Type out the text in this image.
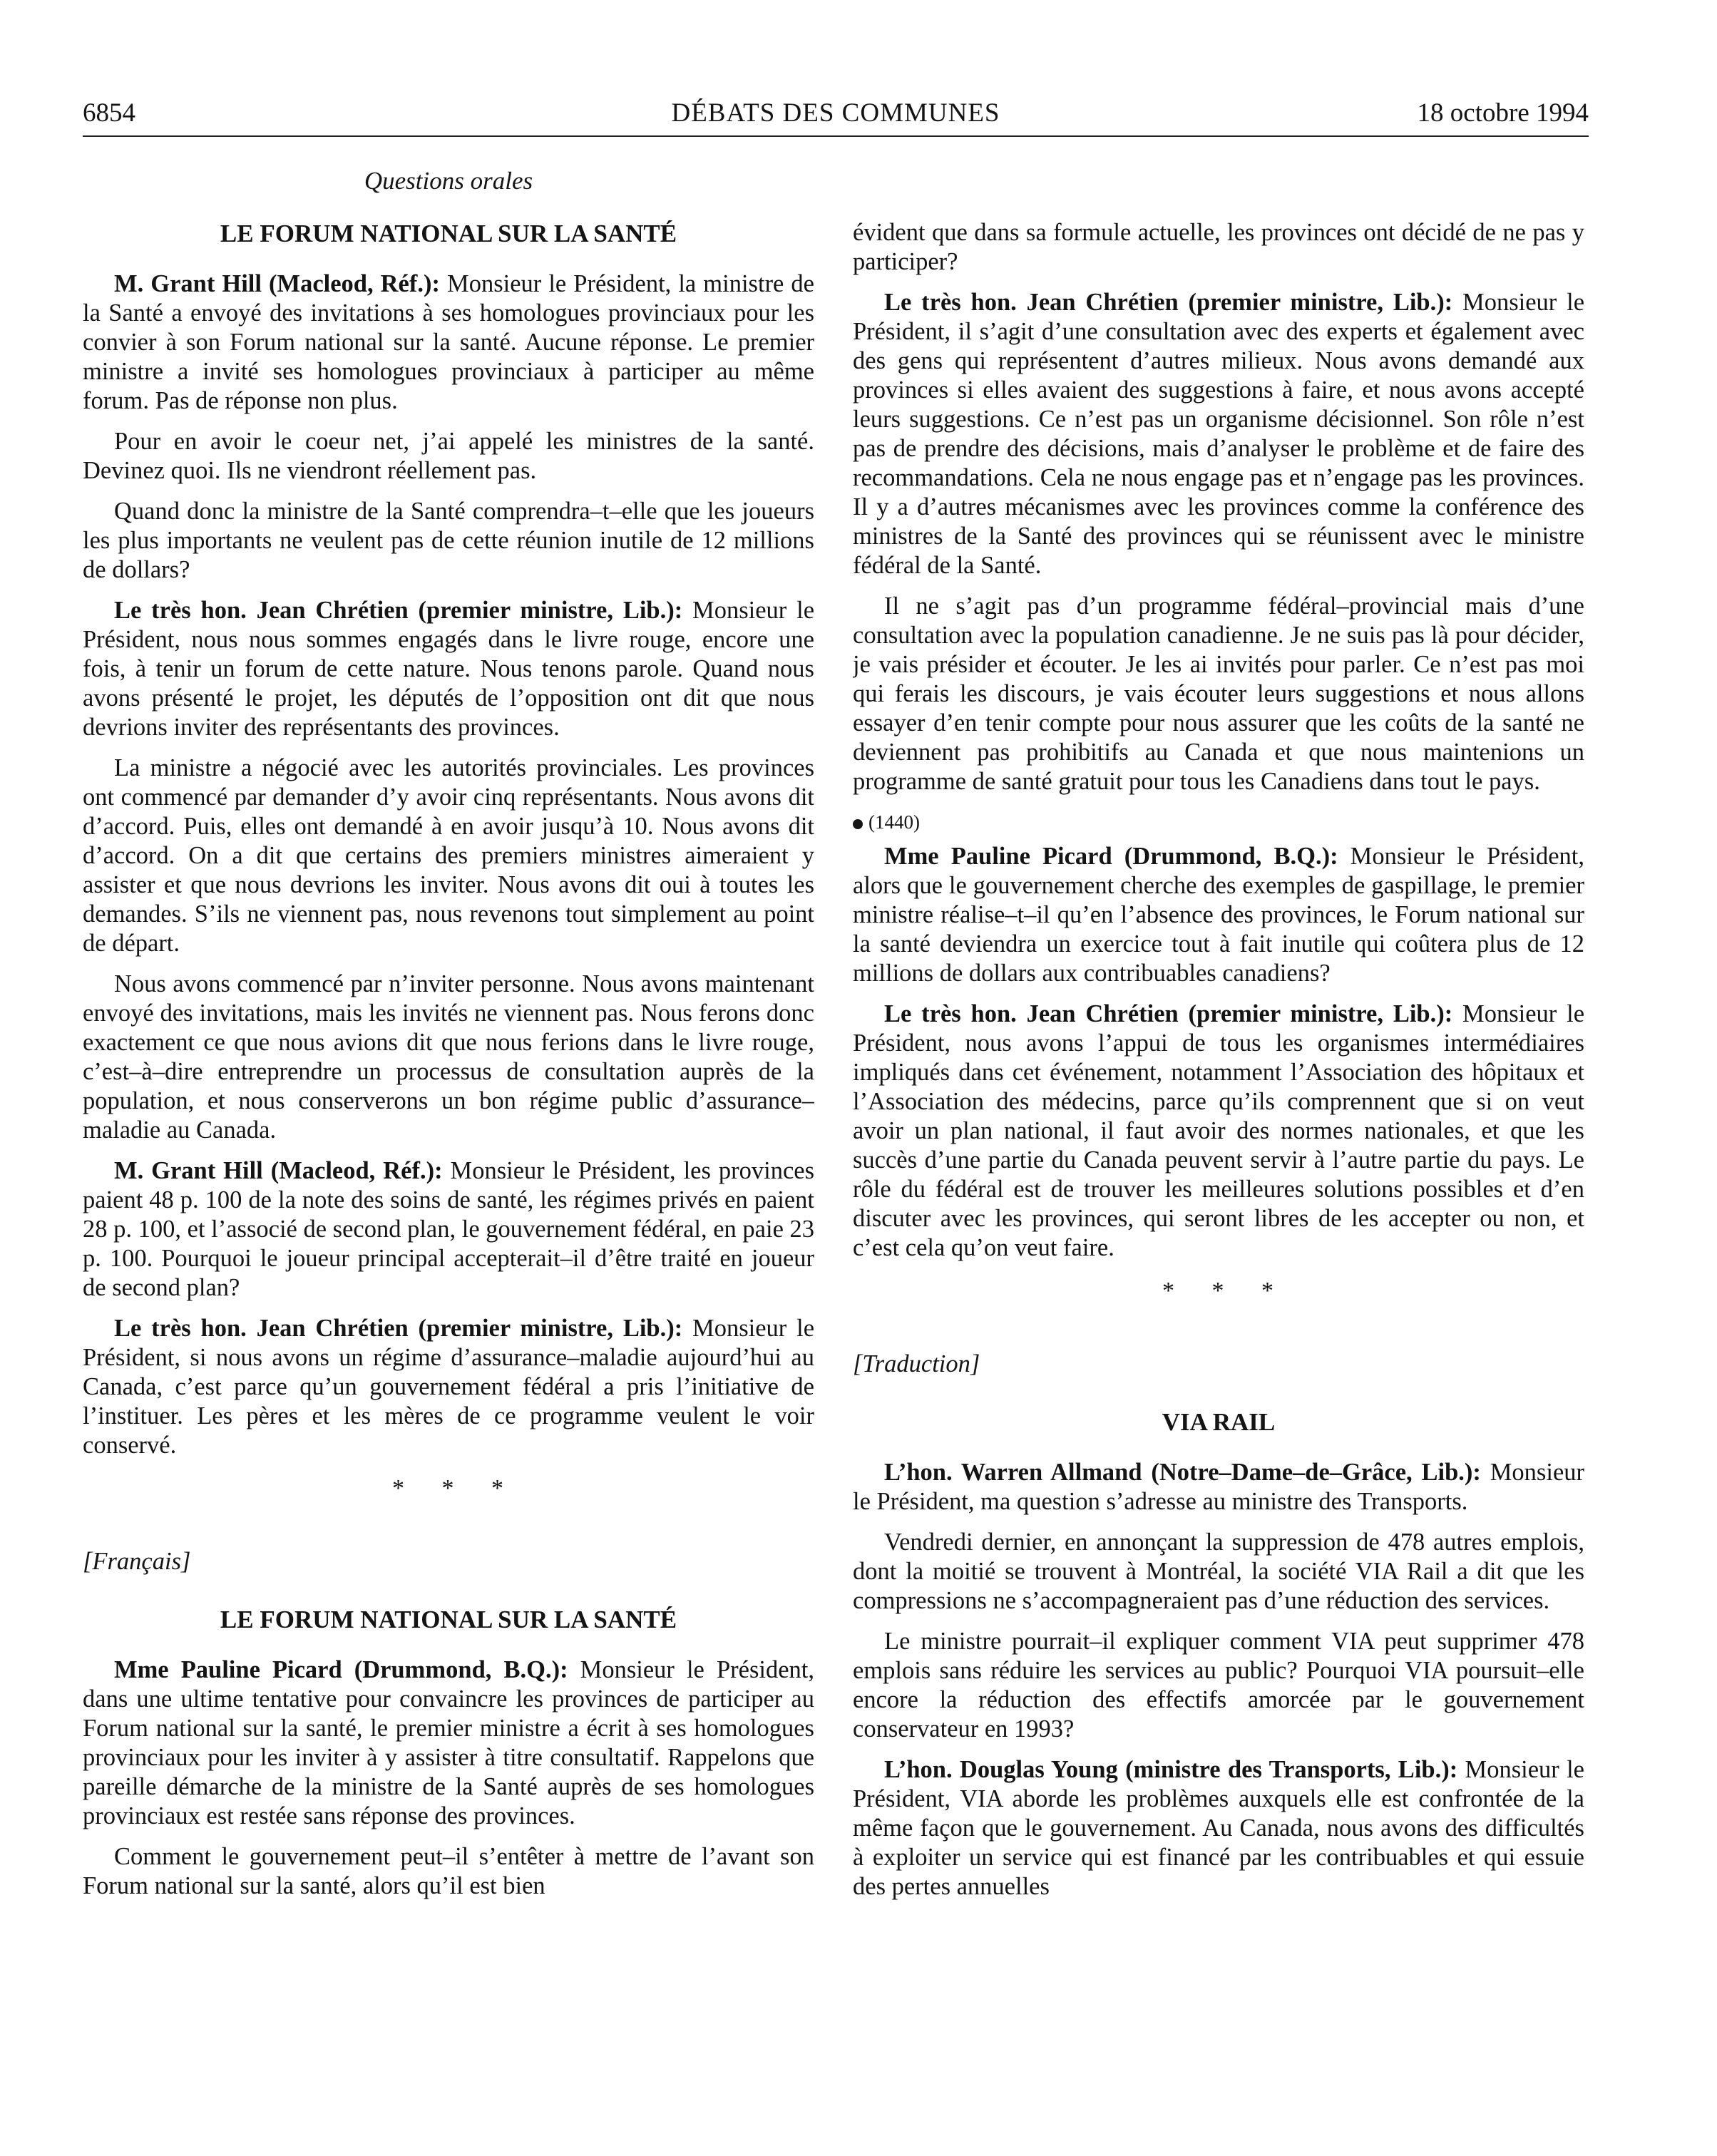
6854	DÉBATS DES COMMUNES	18 octobre 1994
Questions orales
LE FORUM NATIONAL SUR LA SANTÉ

M. Grant Hill (Macleod, Réf.): Monsieur le Président, la ministre de la Santé a envoyé des invitations à ses homologues provinciaux pour les convier à son Forum national sur la santé. Aucune réponse. Le premier ministre a invité ses homologues provinciaux à participer au même forum. Pas de réponse non plus.

Pour en avoir le coeur net, j’ai appelé les ministres de la santé. Devinez quoi. Ils ne viendront réellement pas.

Quand donc la ministre de la Santé comprendra–t–elle que les joueurs les plus importants ne veulent pas de cette réunion inutile de 12 millions de dollars?

Le très hon. Jean Chrétien (premier ministre, Lib.): Monsieur le Président, nous nous sommes engagés dans le livre rouge, encore une fois, à tenir un forum de cette nature. Nous tenons parole. Quand nous avons présenté le projet, les députés de l’opposition ont dit que nous devrions inviter des représentants des provinces.

La ministre a négocié avec les autorités provinciales. Les provinces ont commencé par demander d’y avoir cinq représentants. Nous avons dit d’accord. Puis, elles ont demandé à en avoir jusqu’à 10. Nous avons dit d’accord. On a dit que certains des premiers ministres aimeraient y assister et que nous devrions les inviter. Nous avons dit oui à toutes les demandes. S’ils ne viennent pas, nous revenons tout simplement au point de départ.

Nous avons commencé par n’inviter personne. Nous avons maintenant envoyé des invitations, mais les invités ne viennent pas. Nous ferons donc exactement ce que nous avions dit que nous ferions dans le livre rouge, c’est–à–dire entreprendre un processus de consultation auprès de la population, et nous conserverons un bon régime public d’assurance–maladie au Canada.

M. Grant Hill (Macleod, Réf.): Monsieur le Président, les provinces paient 48 p. 100 de la note des soins de santé, les régimes privés en paient 28 p. 100, et l’associé de second plan, le gouvernement fédéral, en paie 23 p. 100. Pourquoi le joueur principal accepterait–il d’être traité en joueur de second plan?

Le très hon. Jean Chrétien (premier ministre, Lib.): Monsieur le Président, si nous avons un régime d’assurance–maladie aujourd’hui au Canada, c’est parce qu’un gouvernement fédéral a pris l’initiative de l’instituer. Les pères et les mères de ce programme veulent le voir conservé.

* * *
[Français]
LE FORUM NATIONAL SUR LA SANTÉ

Mme Pauline Picard (Drummond, B.Q.): Monsieur le Président, dans une ultime tentative pour convaincre les provinces de participer au Forum national sur la santé, le premier ministre a écrit à ses homologues provinciaux pour les inviter à y assister à titre consultatif. Rappelons que pareille démarche de la ministre de la Santé auprès de ses homologues provinciaux est restée sans réponse des provinces.

Comment le gouvernement peut–il s’entêter à mettre de l’avant son Forum national sur la santé, alors qu’il est bien

évident que dans sa formule actuelle, les provinces ont décidé de ne pas y participer?

Le très hon. Jean Chrétien (premier ministre, Lib.): Monsieur le Président, il s’agit d’une consultation avec des experts et également avec des gens qui représentent d’autres milieux. Nous avons demandé aux provinces si elles avaient des suggestions à faire, et nous avons accepté leurs suggestions. Ce n’est pas un organisme décisionnel. Son rôle n’est pas de prendre des décisions, mais d’analyser le problème et de faire des recommandations. Cela ne nous engage pas et n’engage pas les provinces. Il y a d’autres mécanismes avec les provinces comme la conférence des ministres de la Santé des provinces qui se réunissent avec le ministre fédéral de la Santé.

Il ne s’agit pas d’un programme fédéral–provincial mais d’une consultation avec la population canadienne. Je ne suis pas là pour décider, je vais présider et écouter. Je les ai invités pour parler. Ce n’est pas moi qui ferais les discours, je vais écouter leurs suggestions et nous allons essayer d’en tenir compte pour nous assurer que les coûts de la santé ne deviennent pas prohibitifs au Canada et que nous maintenions un programme de santé gratuit pour tous les Canadiens dans tout le pays.

(1440)

Mme Pauline Picard (Drummond, B.Q.): Monsieur le Président, alors que le gouvernement cherche des exemples de gaspillage, le premier ministre réalise–t–il qu’en l’absence des provinces, le Forum national sur la santé deviendra un exercice tout à fait inutile qui coûtera plus de 12 millions de dollars aux contribuables canadiens?

Le très hon. Jean Chrétien (premier ministre, Lib.): Monsieur le Président, nous avons l’appui de tous les organismes intermédiaires impliqués dans cet événement, notamment l’Association des hôpitaux et l’Association des médecins, parce qu’ils comprennent que si on veut avoir un plan national, il faut avoir des normes nationales, et que les succès d’une partie du Canada peuvent servir à l’autre partie du pays. Le rôle du fédéral est de trouver les meilleures solutions possibles et d’en discuter avec les provinces, qui seront libres de les accepter ou non, et c’est cela qu’on veut faire.

* * *
[Traduction]
VIA RAIL

L’hon. Warren Allmand (Notre–Dame–de–Grâce, Lib.): Monsieur le Président, ma question s’adresse au ministre des Transports.

Vendredi dernier, en annonçant la suppression de 478 autres emplois, dont la moitié se trouvent à Montréal, la société VIA Rail a dit que les compressions ne s’accompagneraient pas d’une réduction des services.

Le ministre pourrait–il expliquer comment VIA peut supprimer 478 emplois sans réduire les services au public? Pourquoi VIA poursuit–elle encore la réduction des effectifs amorcée par le gouvernement conservateur en 1993?

L’hon. Douglas Young (ministre des Transports, Lib.): Monsieur le Président, VIA aborde les problèmes auxquels elle est confrontée de la même façon que le gouvernement. Au Canada, nous avons des difficultés à exploiter un service qui est financé par les contribuables et qui essuie des pertes annuelles
